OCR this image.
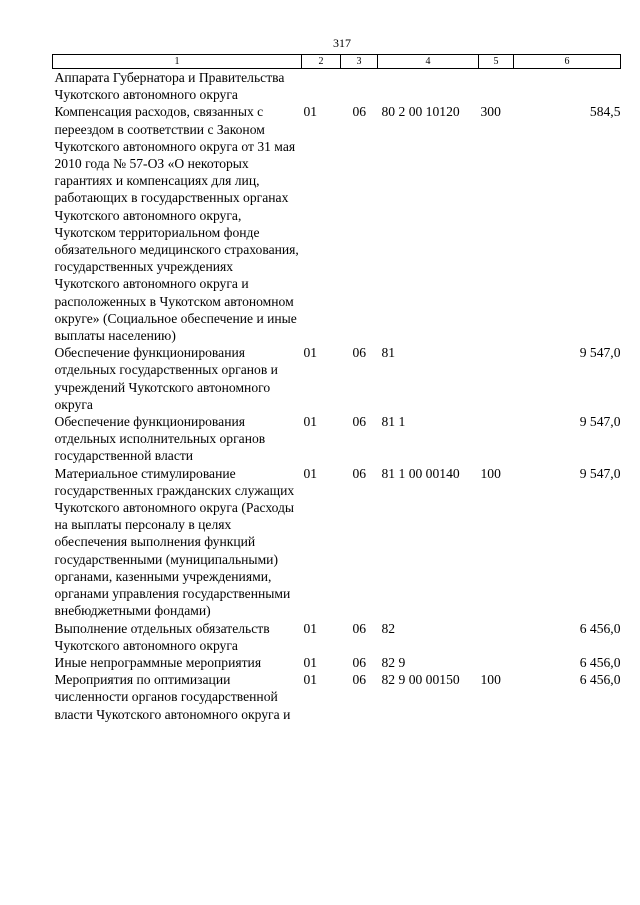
317
1	2	3	4	5	6
Аппарата Губернатора и Правительства Чукотского автономного округа					
Компенсация расходов, связанных с переездом в соответствии с Законом Чукотского автономного округа от 31 мая 2010 года № 57-ОЗ «О некоторых гарантиях и компенсациях для лиц, работающих в государственных органах Чукотского автономного округа, Чукотском территориальном фонде обязательного медицинского страхования, государственных учреждениях Чукотского автономного округа и расположенных в Чукотском автономном округе» (Социальное обеспечение и иные выплаты населению)	01	06	80 2 00 10120	300	584,5
Обеспечение функционирования отдельных государственных органов и учреждений Чукотского автономного округа	01	06	81		9 547,0
Обеспечение функционирования отдельных исполнительных органов государственной власти	01	06	81 1		9 547,0
Материальное стимулирование государственных гражданских служащих Чукотского автономного округа (Расходы на выплаты персоналу в целях обеспечения выполнения функций государственными (муниципальными) органами, казенными учреждениями, органами управления государственными внебюджетными фондами)	01	06	81 1 00 00140	100	9 547,0
Выполнение отдельных обязательств Чукотского автономного округа	01	06	82		6 456,0
Иные непрограммные мероприятия	01	06	82 9		6 456,0
Мероприятия по оптимизации численности органов государственной власти Чукотского автономного округа и	01	06	82 9 00 00150	100	6 456,0
